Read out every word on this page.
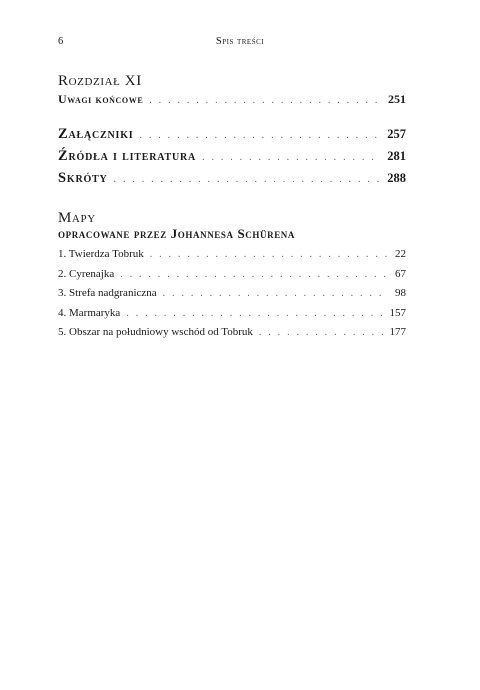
6	Spis treści
Rozdział XI
Uwagi końcowe . . .	251
Załączniki . . .	257
Źródła i literatura . . .	281
Skróty . . .	288
Mapy
opracowane przez Johannesa Schürena
1. Twierdza Tobruk . . .	22
2. Cyrenajka . . .	67
3. Strefa nadgraniczna . . .	98
4. Marmaryka . . .	157
5. Obszar na południowy wschód od Tobruk . . .	177
